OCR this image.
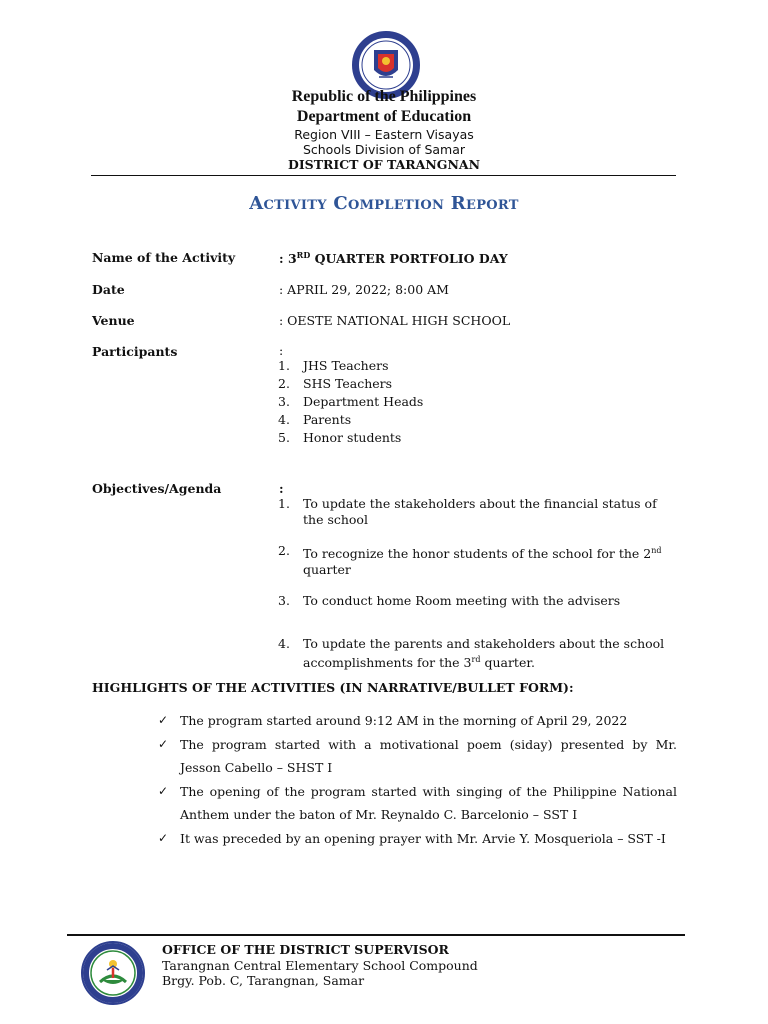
Republic of the Philippines
Department of Education
Region VIII – Eastern Visayas
Schools Division of Samar
DISTRICT OF TARANGNAN
Activity Completion Report
Name of the Activity	: 3RD QUARTER PORTFOLIO DAY
Date	: APRIL 29, 2022; 8:00 AM
Venue	: OESTE NATIONAL HIGH SCHOOL
Participants	:
1. JHS Teachers
2. SHS Teachers
3. Department Heads
4. Parents
5. Honor students
Objectives/Agenda	:
1. To update the stakeholders about the financial status of the school
2. To recognize the honor students of the school for the 2nd quarter
3. To conduct home Room meeting with the advisers
4. To update the parents and stakeholders about the school accomplishments for the 3rd quarter.
HIGHLIGHTS OF THE ACTIVITIES (IN NARRATIVE/BULLET FORM):
✓ The program started around 9:12 AM in the morning of April 29, 2022
✓ The program started with a motivational poem (siday) presented by Mr. Jesson Cabello – SHST I
✓ The opening of the program started with singing of the Philippine National Anthem under the baton of Mr. Reynaldo C. Barcelonio – SST I
✓ It was preceded by an opening prayer with Mr. Arvie Y. Mosqueriola – SST -I
OFFICE OF THE DISTRICT SUPERVISOR
Tarangnan Central Elementary School Compound
Brgy. Pob. C, Tarangnan, Samar
